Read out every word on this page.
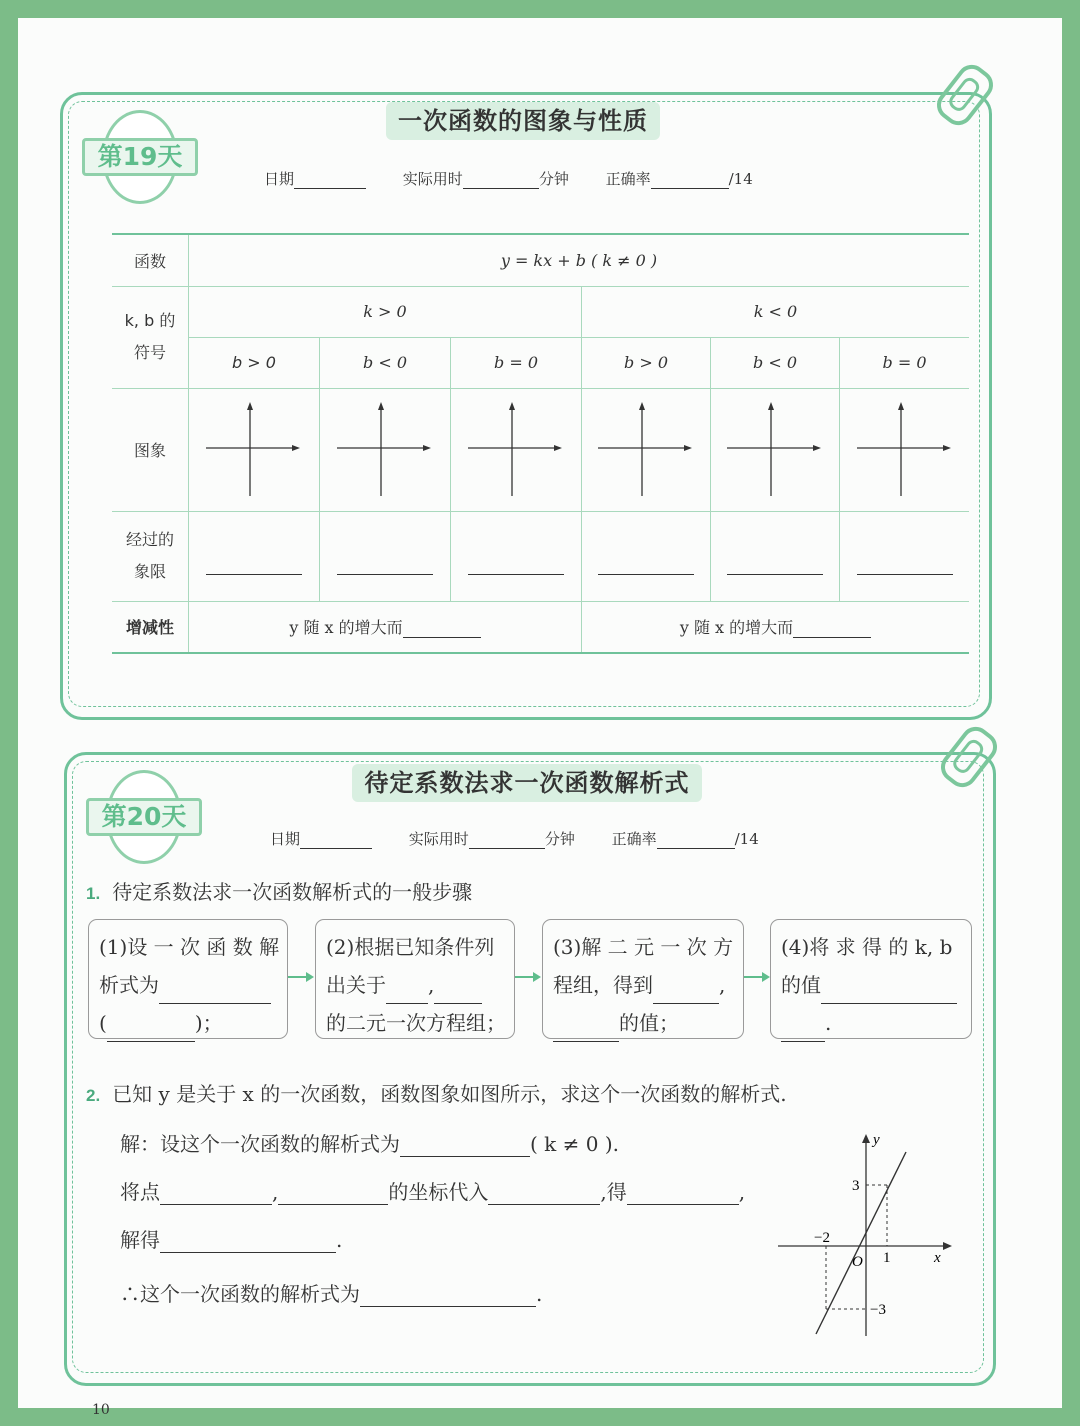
一次函数的图象与性质
第19天
日期	实际用时	分钟 正确率	/14
函数	y = kx + b ( k ≠ 0 )					
k, b 的
符号	k > 0			k < 0		
	b > 0	b < 0	b = 0	b > 0	b < 0	b = 0
图象	

经过的
象限						
增减性	y 随 x 的增大而			y 随 x 的增大而		
待定系数法求一次函数解析式
第20天
日期	实际用时	分钟 正确率	/14
1. 待定系数法求一次函数解析式的一般步骤
(1)设 一 次 函 数 解
析式为
(	)；
(2)根据已知条件列
出关于 ,
的二元一次方程组；
(3)解 二 元 一 次 方
程组，得到	,
的值；
(4)将 求 得 的 k, b
的值
.
2. 已知 y 是关于 x 的一次函数，函数图象如图所示，求这个一次函数的解析式.
解：设这个一次函数的解析式为	( k ≠ 0 ).
将点	,	的坐标代入	,得	,
解得	.
∴这个一次函数的解析式为	.
y
x
O
3
−2
1
−3
10
